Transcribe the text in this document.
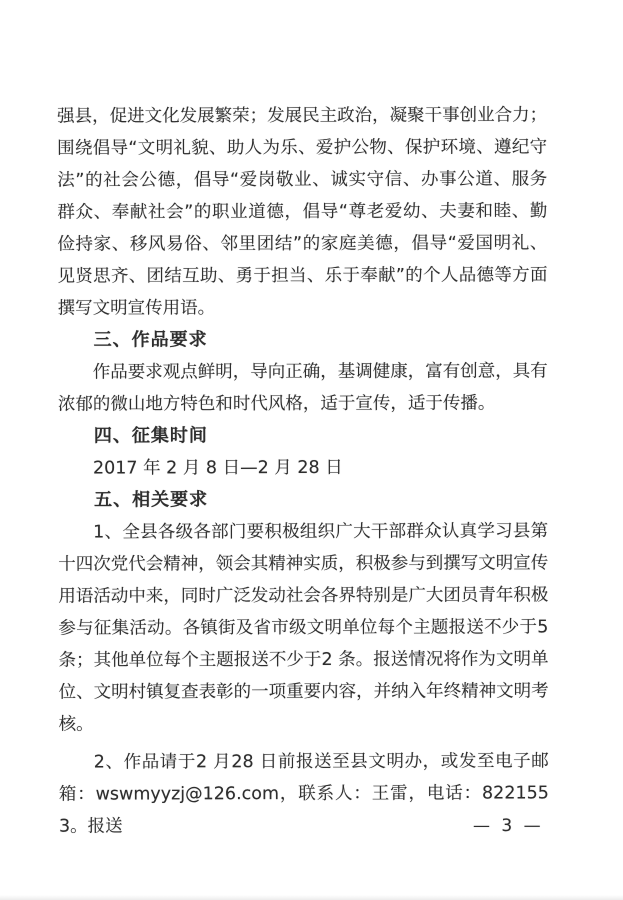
强县，促进文化发展繁荣；发展民主政治，凝聚干事创业合力；围绕倡导“文明礼貌、助人为乐、爱护公物、保护环境、遵纪守法”的社会公德，倡导“爱岗敬业、诚实守信、办事公道、服务群众、奉献社会”的职业道德，倡导“尊老爱幼、夫妻和睦、勤俭持家、移风易俗、邻里团结”的家庭美德，倡导“爱国明礼、见贤思齐、团结互助、勇于担当、乐于奉献”的个人品德等方面撰写文明宣传用语。

三、作品要求

作品要求观点鲜明，导向正确，基调健康，富有创意，具有浓郁的微山地方特色和时代风格，适于宣传，适于传播。

四、征集时间

2017 年 2 月 8 日—2 月 28 日

五、相关要求

1、全县各级各部门要积极组织广大干部群众认真学习县第十四次党代会精神，领会其精神实质，积极参与到撰写文明宣传用语活动中来，同时广泛发动社会各界特别是广大团员青年积极参与征集活动。各镇街及省市级文明单位每个主题报送不少于5条；其他单位每个主题报送不少于2 条。报送情况将作为文明单位、文明村镇复查表彰的一项重要内容，并纳入年终精神文明考核。

2、作品请于2 月28 日前报送至县文明办，或发至电子邮箱：wswmyyzj@126.com，联系人：王雷，电话：8221553。报送	— 3 —
